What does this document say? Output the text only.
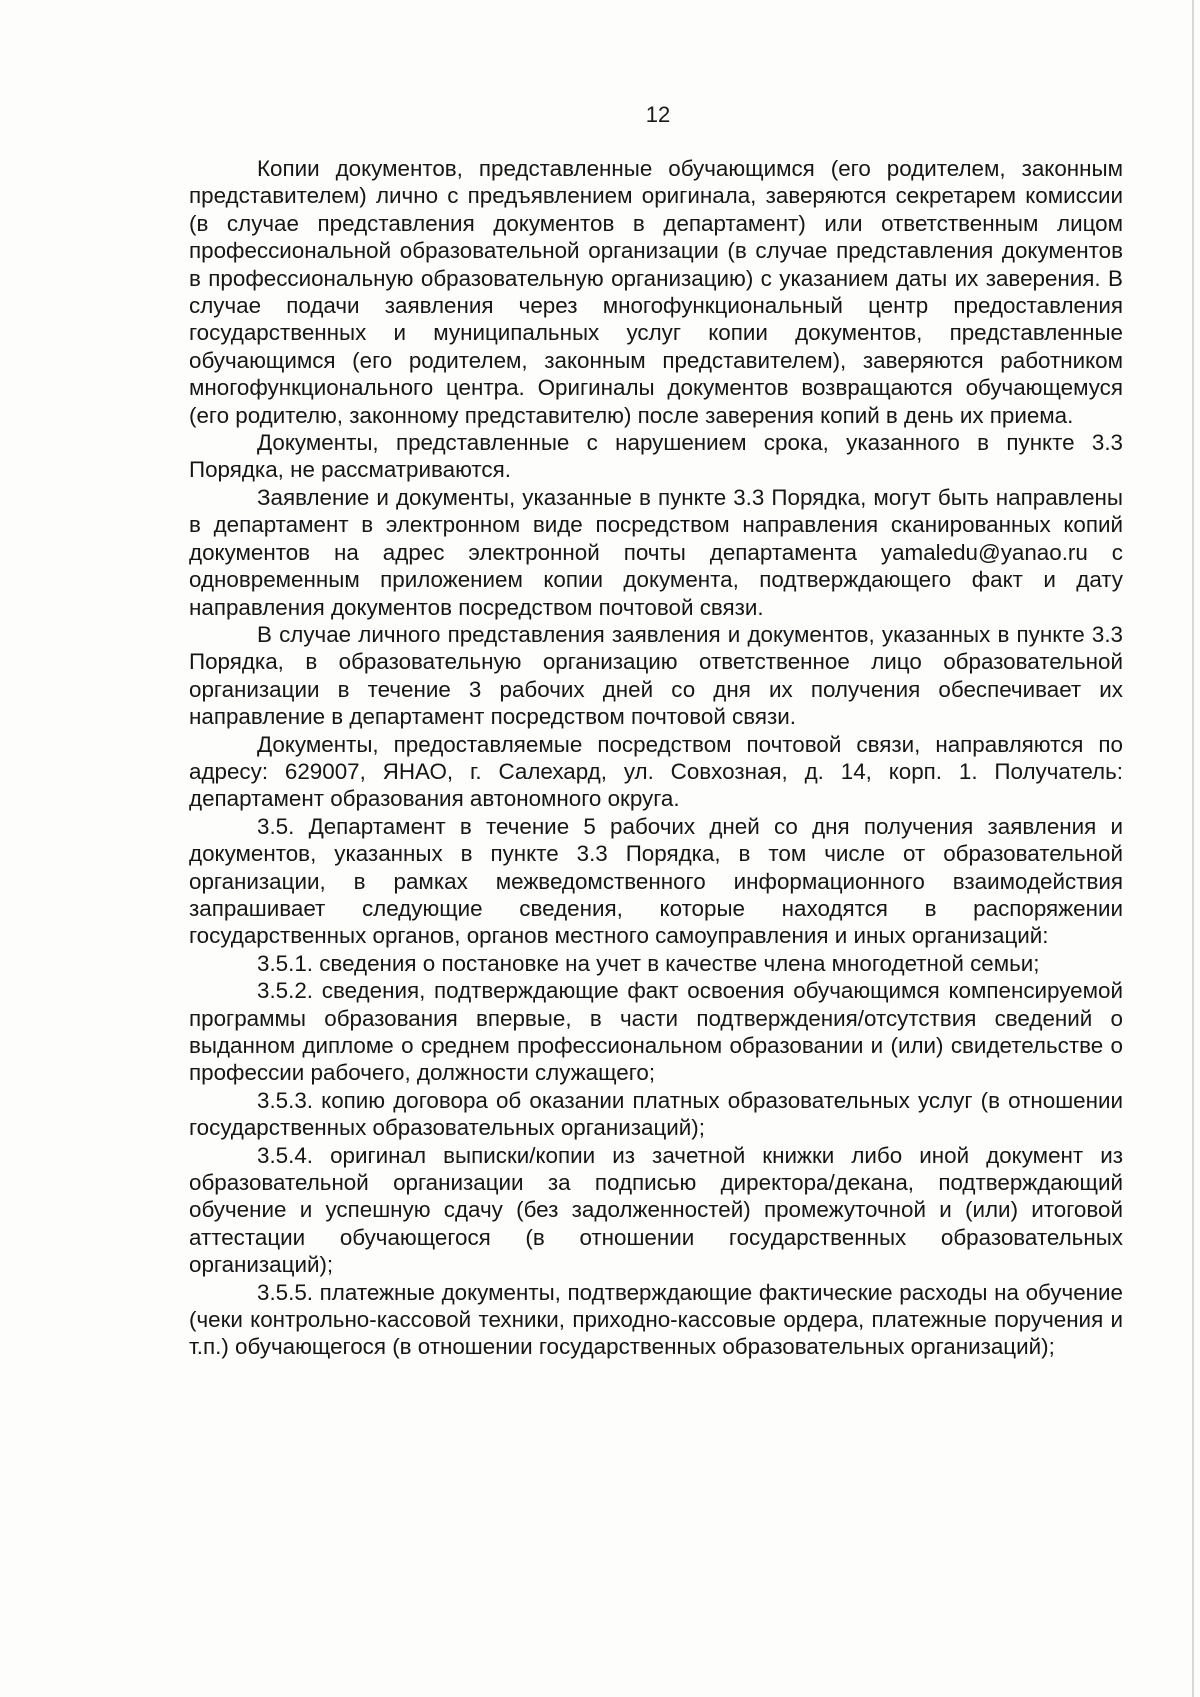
12

Копии документов, представленные обучающимся (его родителем, законным представителем) лично с предъявлением оригинала, заверяются секретарем комиссии (в случае представления документов в департамент) или ответственным лицом профессиональной образовательной организации (в случае представления документов в профессиональную образовательную организацию) с указанием даты их заверения. В случае подачи заявления через многофункциональный центр предоставления государственных и муниципальных услуг копии документов, представленные обучающимся (его родителем, законным представителем), заверяются работником многофункционального центра. Оригиналы документов возвращаются обучающемуся (его родителю, законному представителю) после заверения копий в день их приема.

Документы, представленные с нарушением срока, указанного в пункте 3.3 Порядка, не рассматриваются.

Заявление и документы, указанные в пункте 3.3 Порядка, могут быть направлены в департамент в электронном виде посредством направления сканированных копий документов на адрес электронной почты департамента yamaledu@yanao.ru с одновременным приложением копии документа, подтверждающего факт и дату направления документов посредством почтовой связи.

В случае личного представления заявления и документов, указанных в пункте 3.3 Порядка, в образовательную организацию ответственное лицо образовательной организации в течение 3 рабочих дней со дня их получения обеспечивает их направление в департамент посредством почтовой связи.

Документы, предоставляемые посредством почтовой связи, направляются по адресу: 629007, ЯНАО, г. Салехард, ул. Совхозная, д. 14, корп. 1. Получатель: департамент образования автономного округа.

3.5. Департамент в течение 5 рабочих дней со дня получения заявления и документов, указанных в пункте 3.3 Порядка, в том числе от образовательной организации, в рамках межведомственного информационного взаимодействия запрашивает следующие сведения, которые находятся в распоряжении государственных органов, органов местного самоуправления и иных организаций:

3.5.1. сведения о постановке на учет в качестве члена многодетной семьи;

3.5.2. сведения, подтверждающие факт освоения обучающимся компенсируемой программы образования впервые, в части подтверждения/отсутствия сведений о выданном дипломе о среднем профессиональном образовании и (или) свидетельстве о профессии рабочего, должности служащего;

3.5.3. копию договора об оказании платных образовательных услуг (в отношении государственных образовательных организаций);

3.5.4. оригинал выписки/копии из зачетной книжки либо иной документ из образовательной организации за подписью директора/декана, подтверждающий обучение и успешную сдачу (без задолженностей) промежуточной и (или) итоговой аттестации обучающегося (в отношении государственных образовательных организаций);

3.5.5. платежные документы, подтверждающие фактические расходы на обучение (чеки контрольно-кассовой техники, приходно-кассовые ордера, платежные поручения и т.п.) обучающегося (в отношении государственных образовательных организаций);
